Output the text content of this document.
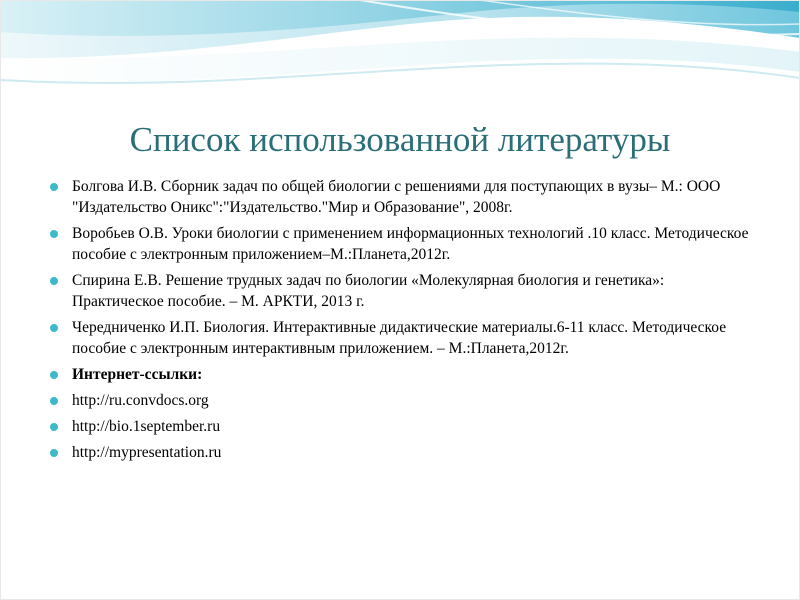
Список использованной литературы
Болгова И.В. Сборник задач по общей биологии с решениями для поступающих в вузы– М.: ООО "Издательство Оникс":"Издательство."Мир и Образование", 2008г.
Воробьев О.В. Уроки биологии с применением информационных технологий .10 класс. Методическое пособие с электронным приложением–М.:Планета,2012г.
Спирина Е.В. Решение трудных задач по биологии «Молекулярная биология и генетика»: Практическое пособие. – М. АРКТИ, 2013 г.
Чередниченко И.П. Биология. Интерактивные дидактические материалы.6-11 класс. Методическое пособие с электронным интерактивным приложением. – М.:Планета,2012г.
Интернет-ссылки:
http://ru.convdocs.org
http://bio.1september.ru
http://mypresentation.ru
